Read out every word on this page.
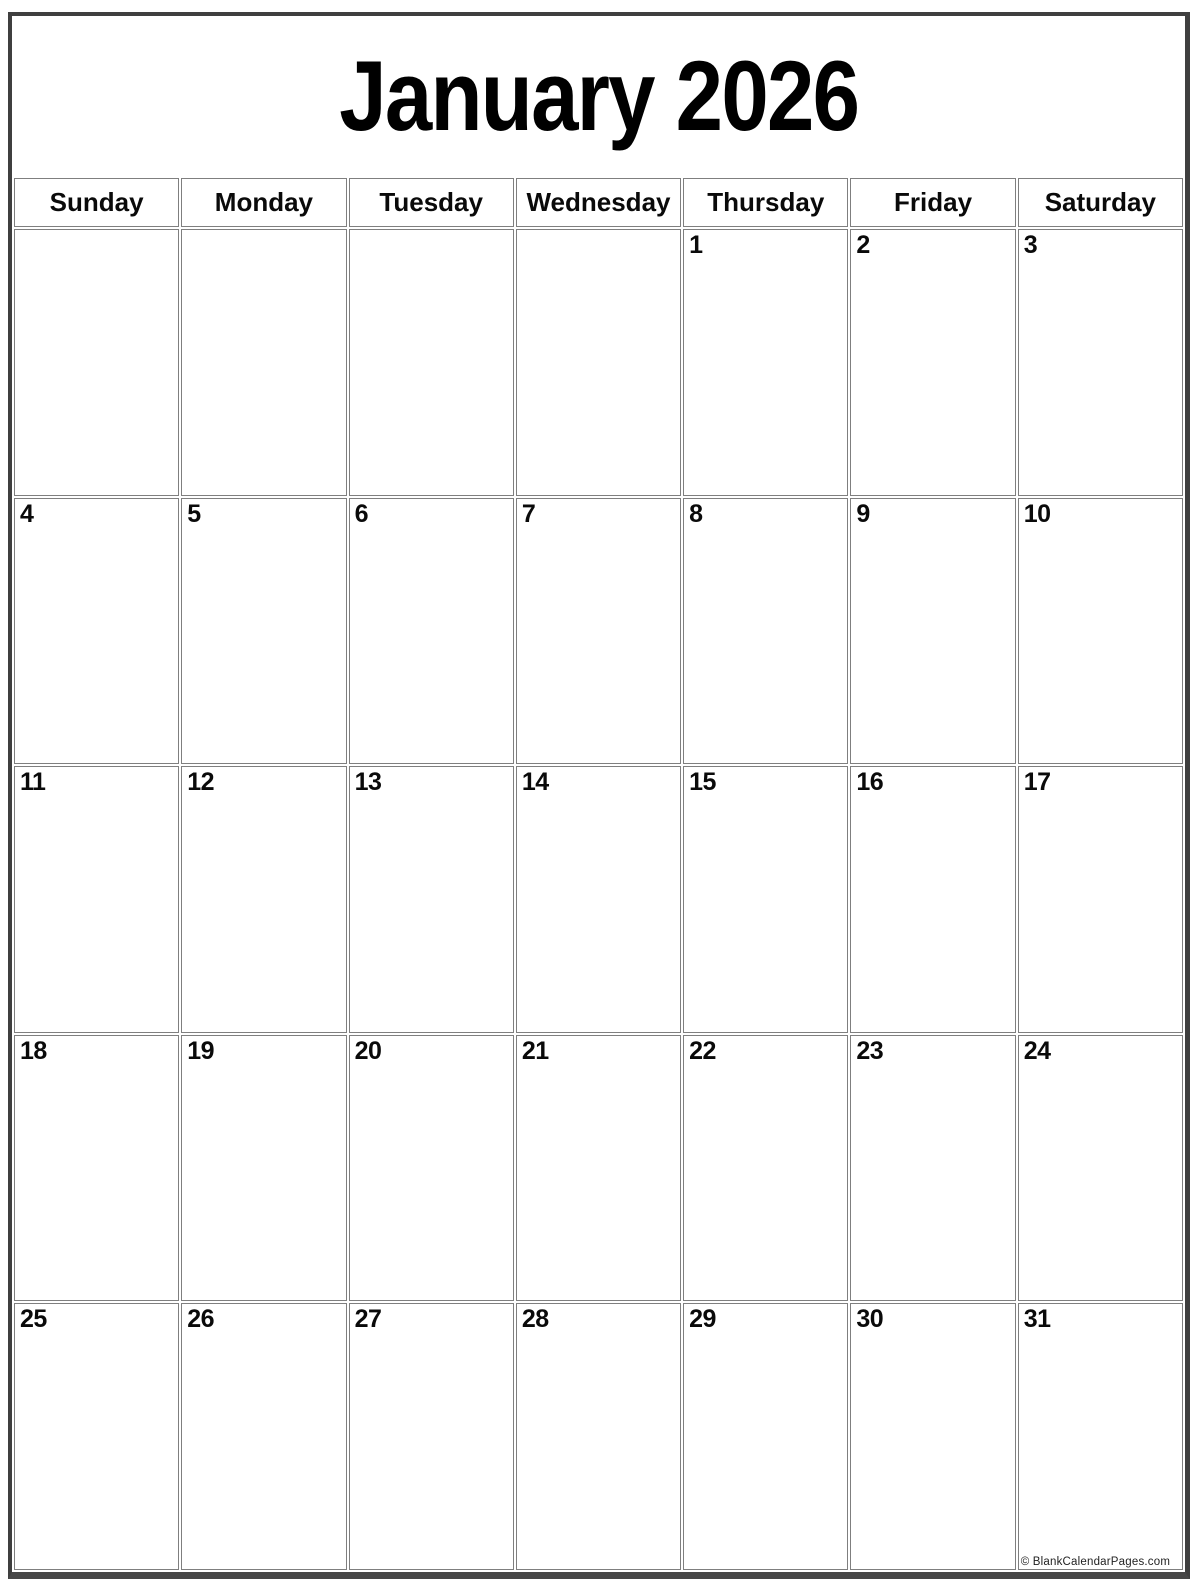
January 2026
Sunday	Monday	Tuesday	Wednesday	Thursday	Friday	Saturday

				1	2	3

4	5	6	7	8	9	10

11	12	13	14	15	16	17

18	19	20	21	22	23	24

25	26	27	28	29	30	31
© BlankCalendarPages.com
